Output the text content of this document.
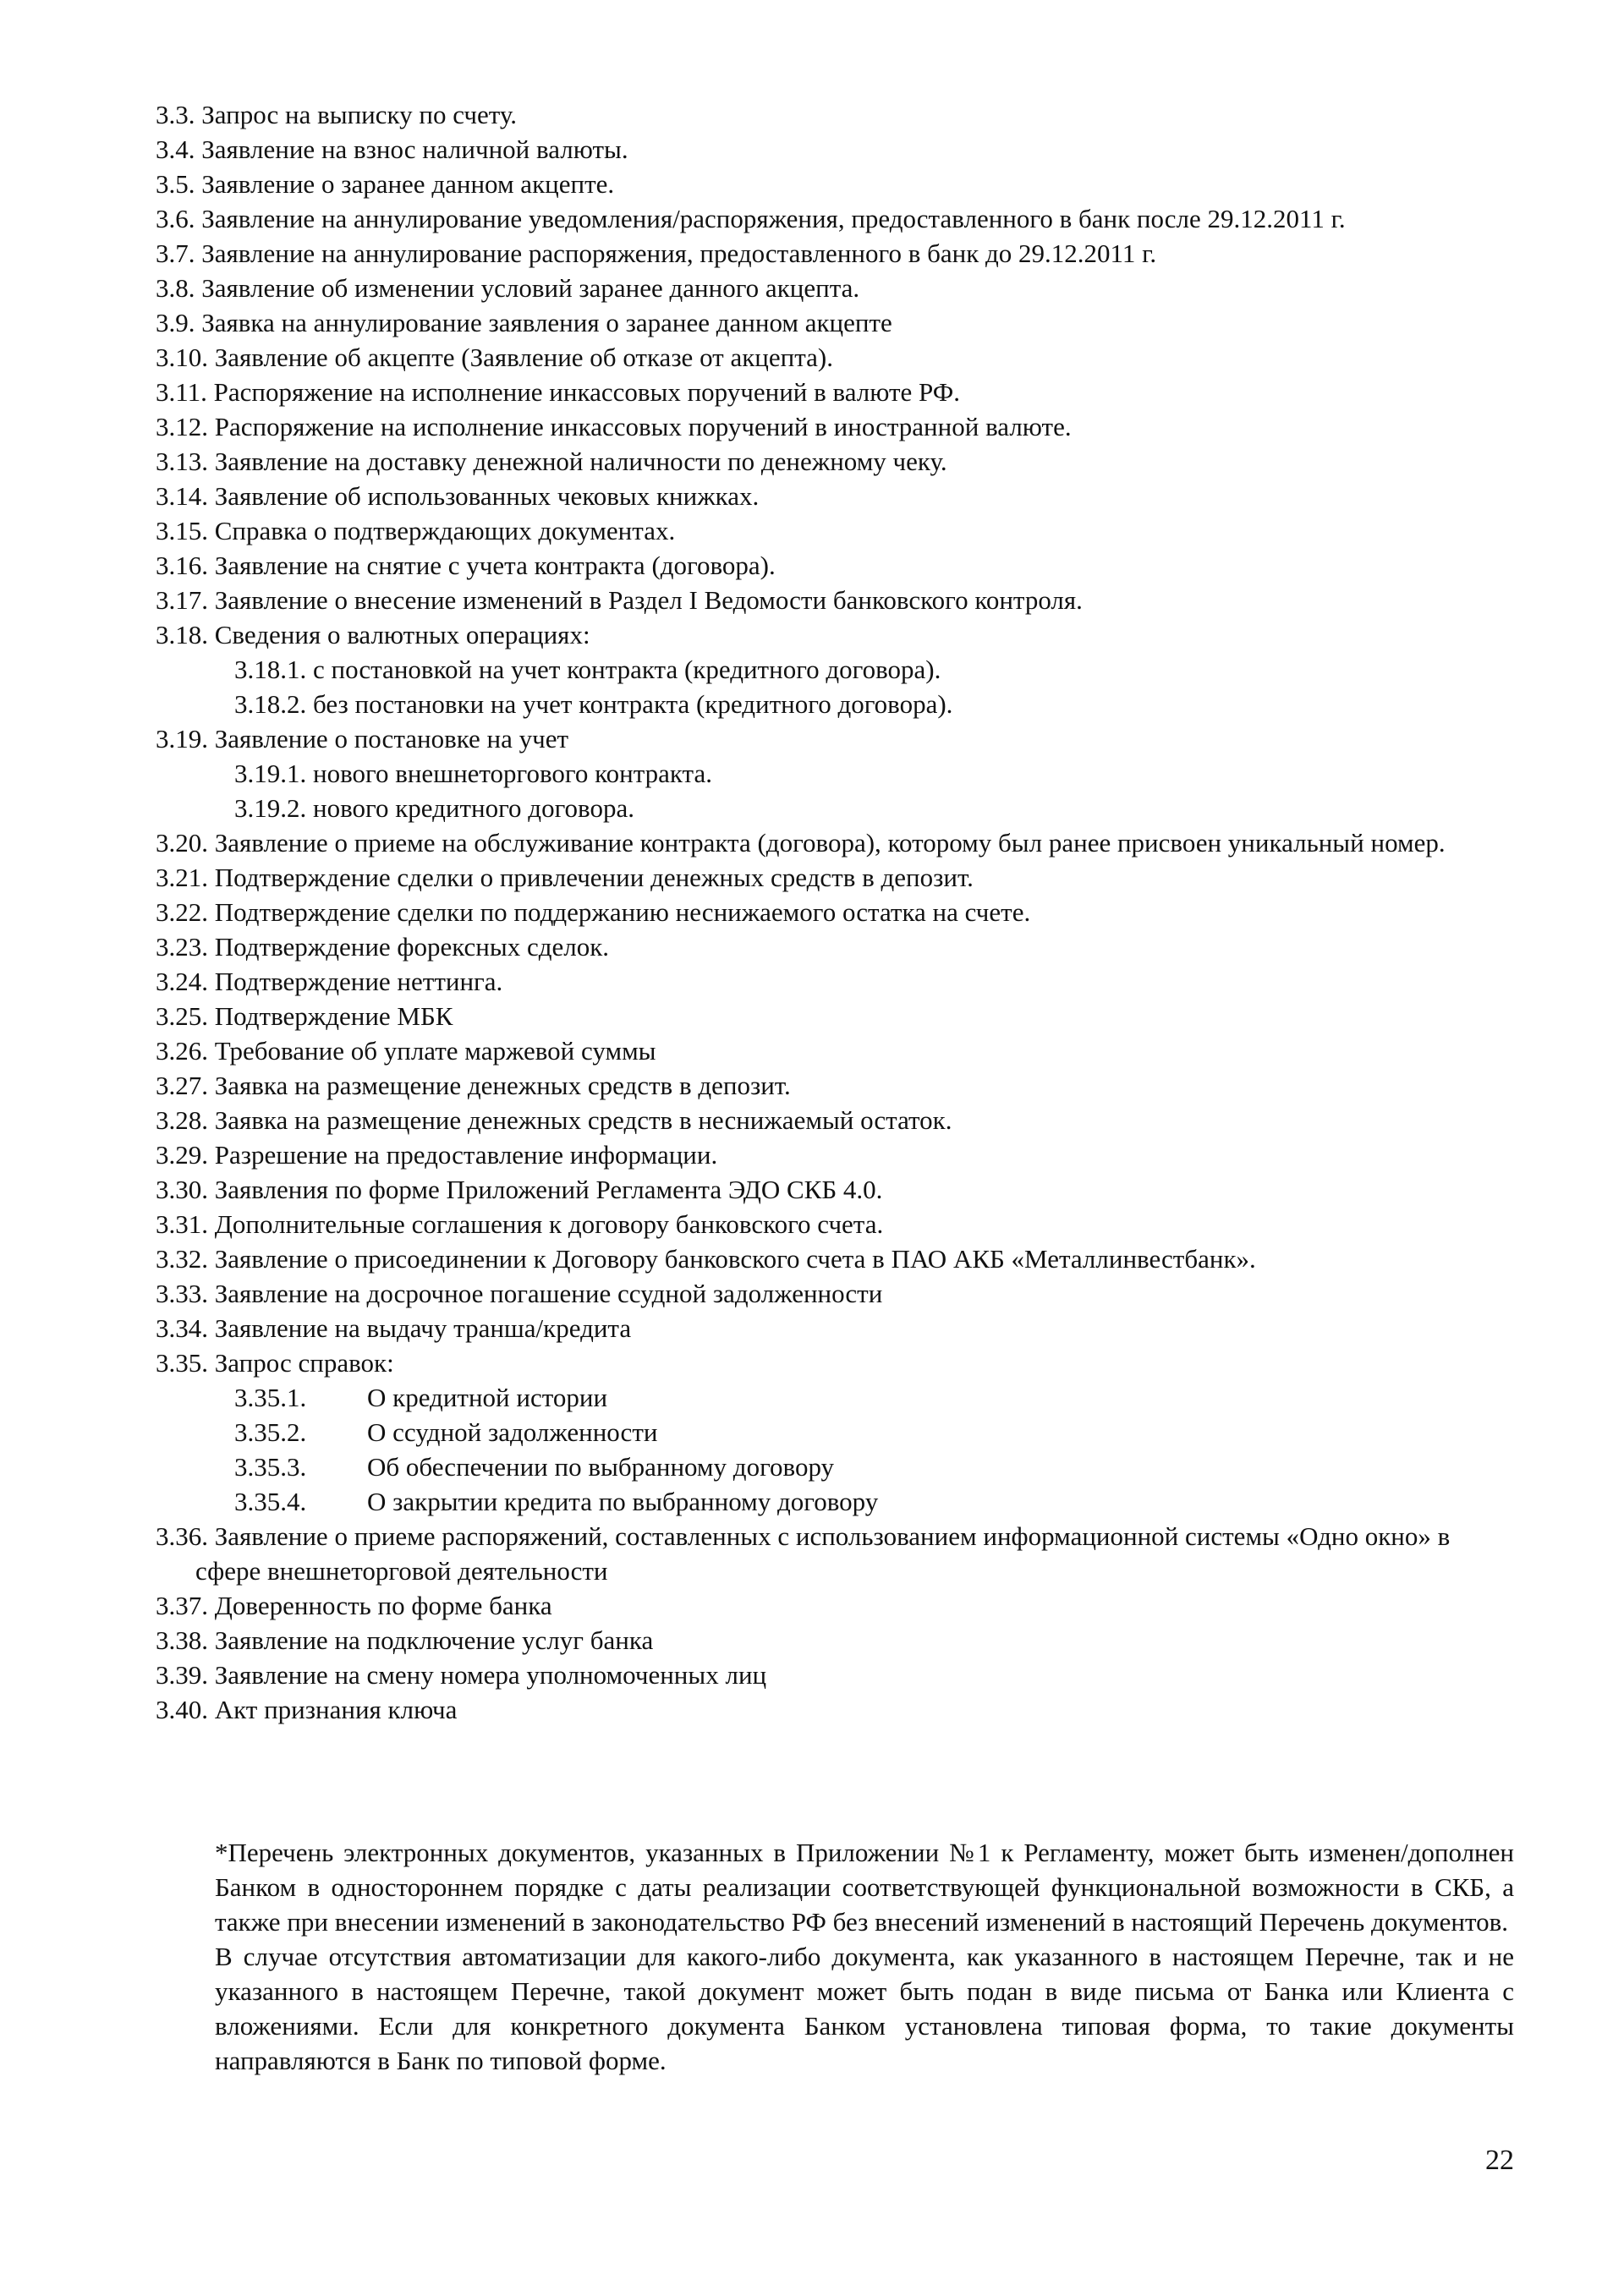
3.3. Запрос на выписку по счету.
3.4. Заявление на взнос наличной валюты.
3.5. Заявление о заранее данном акцепте.
3.6. Заявление на аннулирование уведомления/распоряжения, предоставленного в банк после 29.12.2011 г.
3.7. Заявление на аннулирование распоряжения, предоставленного в банк до 29.12.2011 г.
3.8. Заявление об изменении условий заранее данного акцепта.
3.9. Заявка на аннулирование заявления о заранее данном акцепте
3.10. Заявление об акцепте (Заявление об отказе от акцепта).
3.11. Распоряжение на исполнение инкассовых поручений в валюте РФ.
3.12. Распоряжение на исполнение инкассовых поручений в иностранной валюте.
3.13. Заявление на доставку денежной наличности по денежному чеку.
3.14. Заявление об использованных чековых книжках.
3.15. Справка о подтверждающих документах.
3.16. Заявление на снятие с учета контракта (договора).
3.17. Заявление о внесение изменений в Раздел I Ведомости банковского контроля.
3.18. Сведения о валютных операциях:
3.18.1. с постановкой на учет контракта (кредитного договора).
3.18.2. без постановки на учет контракта (кредитного договора).
3.19. Заявление о постановке на учет
3.19.1. нового внешнеторгового контракта.
3.19.2. нового кредитного договора.
3.20. Заявление о приеме на обслуживание контракта (договора), которому был ранее присвоен уникальный номер.
3.21. Подтверждение сделки о привлечении денежных средств в депозит.
3.22. Подтверждение сделки по поддержанию неснижаемого остатка на счете.
3.23. Подтверждение форексных сделок.
3.24. Подтверждение неттинга.
3.25. Подтверждение МБК
3.26. Требование об уплате маржевой суммы
3.27. Заявка на размещение денежных средств в депозит.
3.28. Заявка на размещение денежных средств в неснижаемый остаток.
3.29. Разрешение на предоставление информации.
3.30. Заявления по форме Приложений Регламента ЭДО СКБ 4.0.
3.31. Дополнительные соглашения к договору банковского счета.
3.32. Заявление о присоединении к Договору банковского счета в ПАО АКБ «Металлинвестбанк».
3.33. Заявление на досрочное погашение ссудной задолженности
3.34. Заявление на выдачу транша/кредита
3.35. Запрос справок:
3.35.1. О кредитной истории
3.35.2. О ссудной задолженности
3.35.3. Об обеспечении по выбранному договору
3.35.4. О закрытии кредита по выбранному договору
3.36. Заявление о приеме распоряжений, составленных с использованием информационной системы «Одно окно» в сфере внешнеторговой деятельности
3.37. Доверенность по форме банка
3.38. Заявление на подключение услуг банка
3.39. Заявление на смену номера уполномоченных лиц
3.40. Акт признания ключа

*Перечень электронных документов, указанных в Приложении №1 к Регламенту, может быть изменен/дополнен Банком в одностороннем порядке с даты реализации соответствующей функциональной возможности в СКБ, а также при внесении изменений в законодательство РФ без внесений изменений в настоящий Перечень документов.

В случае отсутствия автоматизации для какого-либо документа, как указанного в настоящем Перечне, так и не указанного в настоящем Перечне, такой документ может быть подан в виде письма от Банка или Клиента с вложениями. Если для конкретного документа Банком установлена типовая форма, то такие документы направляются в Банк по типовой форме.

22
